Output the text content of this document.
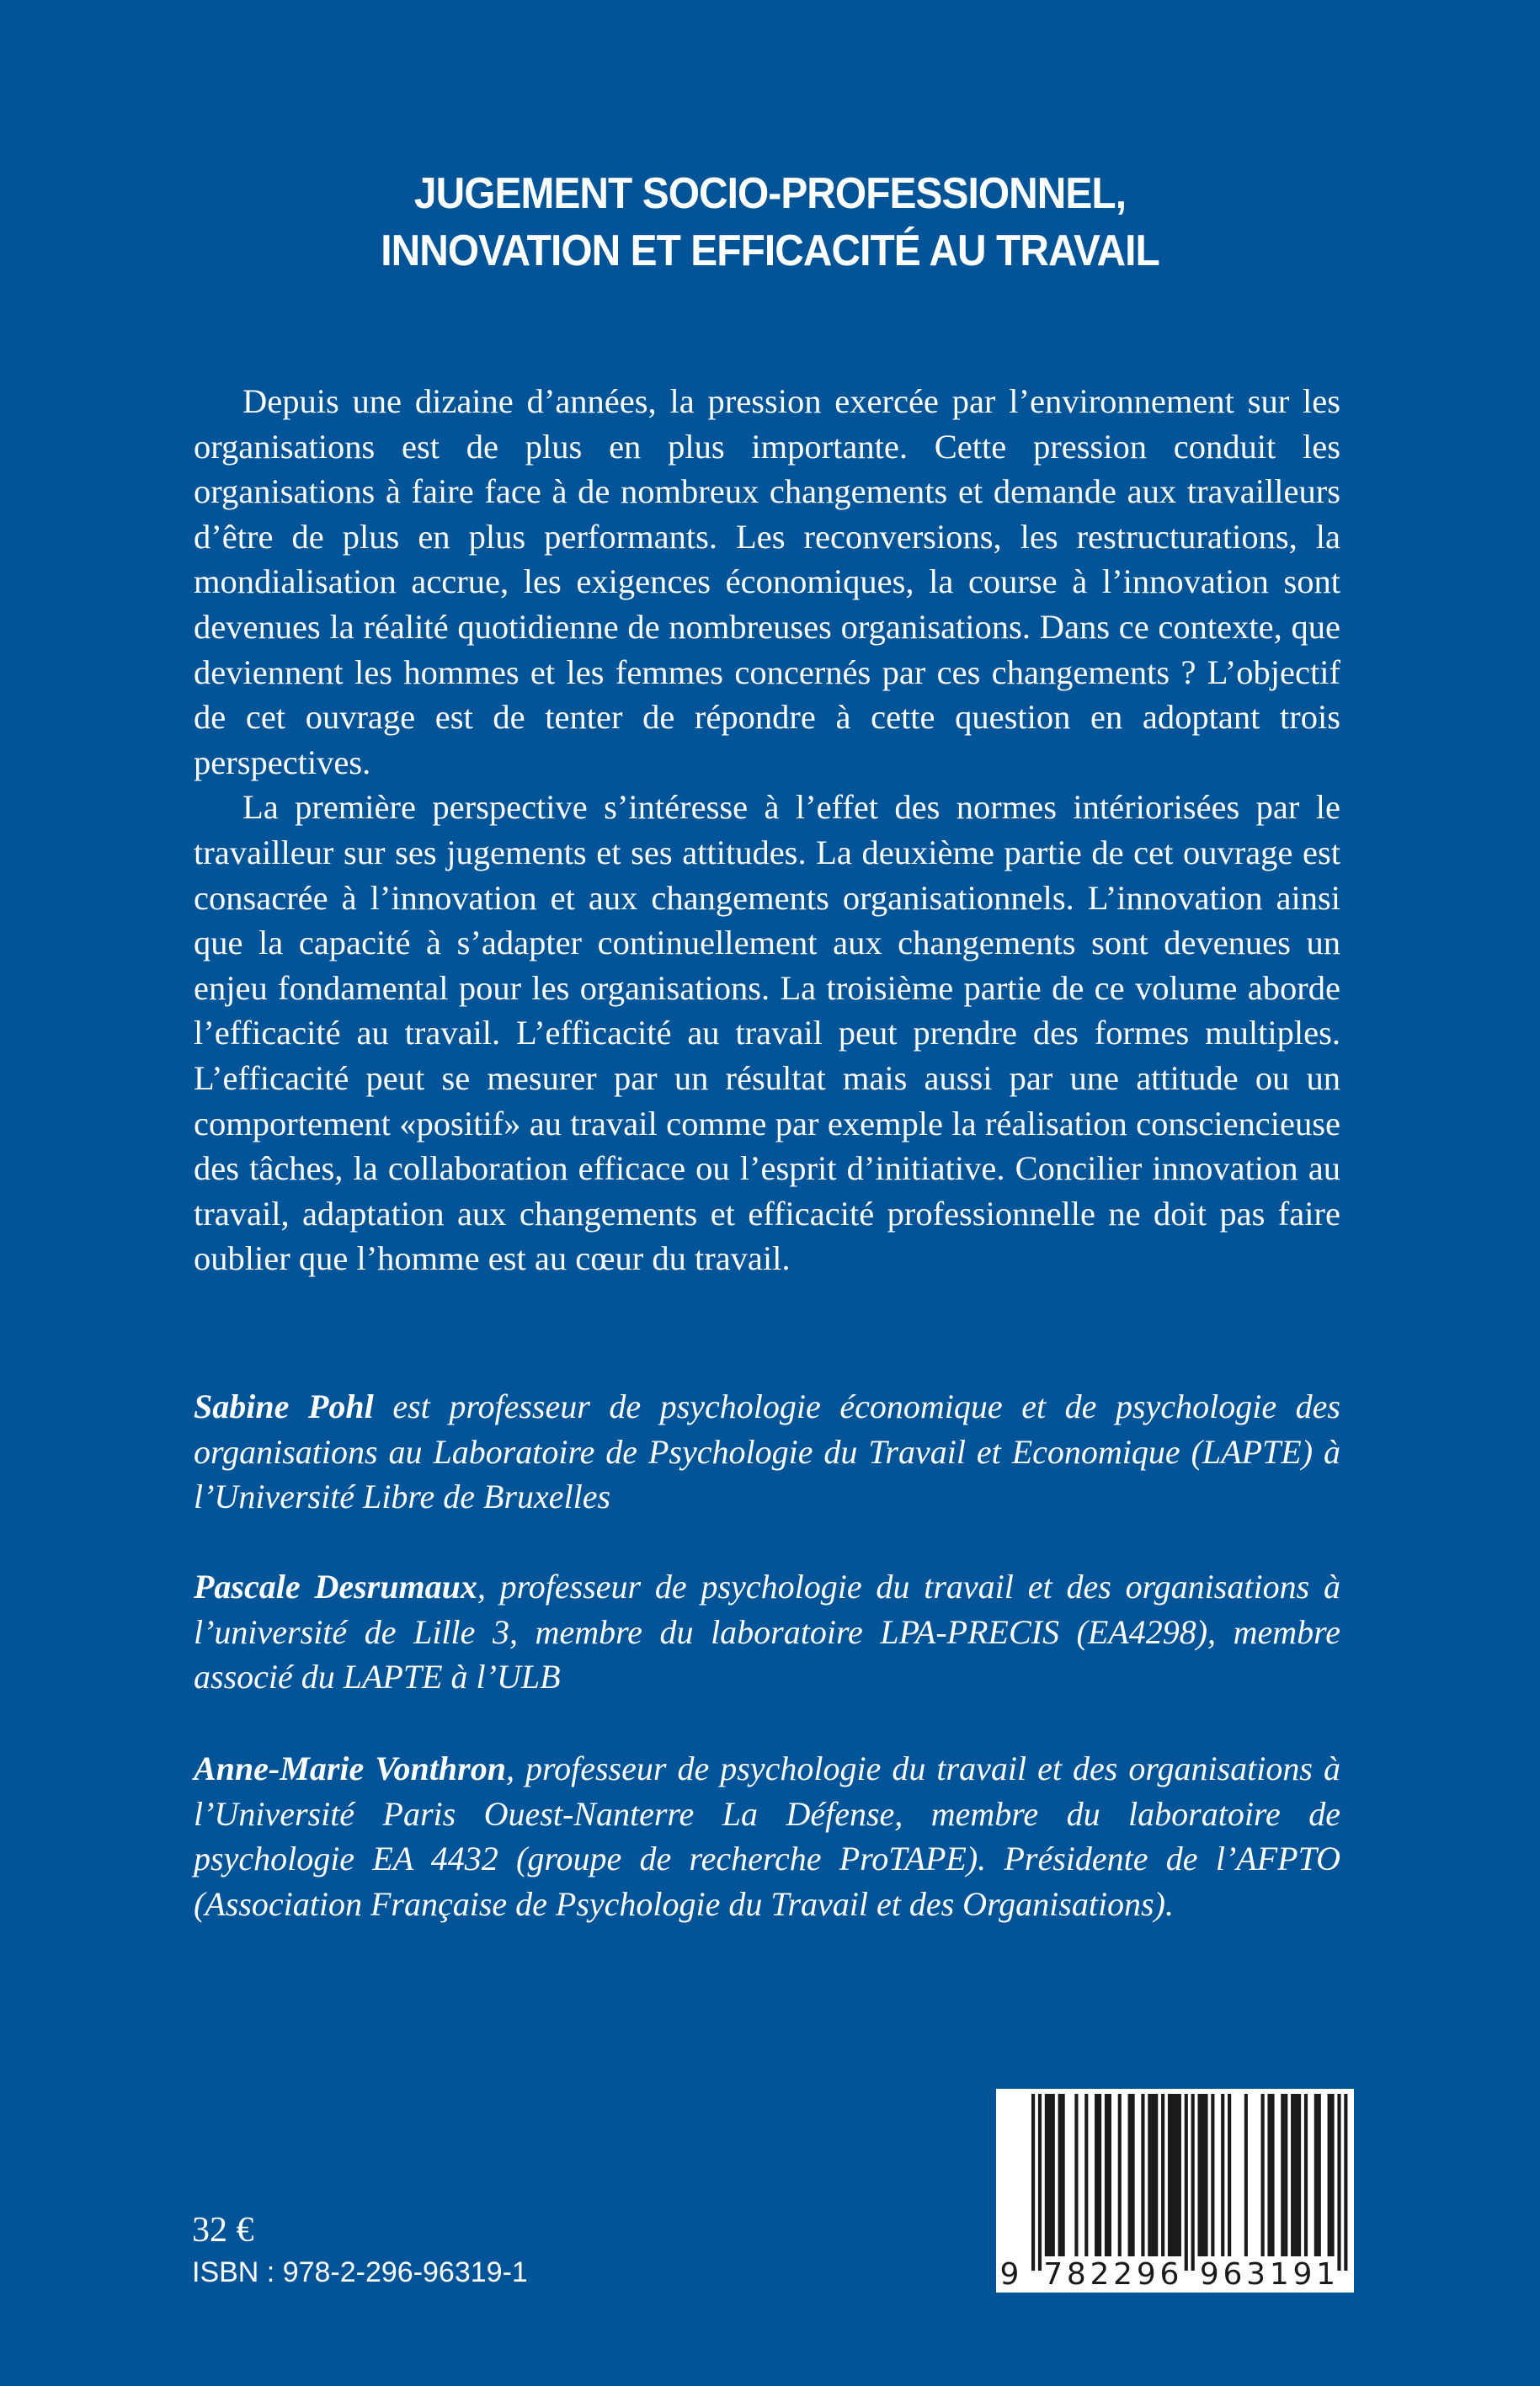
JUGEMENT SOCIO-PROFESSIONNEL,
INNOVATION ET EFFICACITÉ AU TRAVAIL

Depuis une dizaine d’années, la pression exercée par l’environnement sur les organisations est de plus en plus importante. Cette pression conduit les organisations à faire face à de nombreux changements et demande aux travailleurs d’être de plus en plus performants. Les reconversions, les restructurations, la mondialisation accrue, les exigences économiques, la course à l’innovation sont devenues la réalité quotidienne de nombreuses organisations. Dans ce contexte, que deviennent les hommes et les femmes concernés par ces changements ? L’objectif de cet ouvrage est de tenter de répondre à cette question en adoptant trois perspectives.

La première perspective s’intéresse à l’effet des normes intériorisées par le travailleur sur ses jugements et ses attitudes. La deuxième partie de cet ouvrage est consacrée à l’innovation et aux changements organisationnels. L’innovation ainsi que la capacité à s’adapter continuellement aux changements sont devenues un enjeu fondamental pour les organisations. La troisième partie de ce volume aborde l’efficacité au travail. L’efficacité au travail peut prendre des formes multiples. L’efficacité peut se mesurer par un résultat mais aussi par une attitude ou un comportement «positif» au travail comme par exemple la réalisation consciencieuse des tâches, la collaboration efficace ou l’esprit d’initiative. Concilier innovation au travail, adaptation aux changements et efficacité professionnelle ne doit pas faire oublier que l’homme est au cœur du travail.

Sabine Pohl est professeur de psychologie économique et de psychologie des organisations au Laboratoire de Psychologie du Travail et Economique (LAPTE) à l’Université Libre de Bruxelles
Pascale Desrumaux, professeur de psychologie du travail et des organisations à l’université de Lille 3, membre du laboratoire LPA-PRECIS (EA4298), membre associé du LAPTE à l’ULB
Anne-Marie Vonthron, professeur de psychologie du travail et des organisations à l’Université Paris Ouest-Nanterre La Défense, membre du laboratoire de psychologie EA 4432 (groupe de recherche ProTAPE). Présidente de l’AFPTO (Association Française de Psychologie du Travail et des Organisations).
32 €
ISBN : 978-2-296-96319-1	9 7 8 2 2 9 6 9 6 3 1 9 1
